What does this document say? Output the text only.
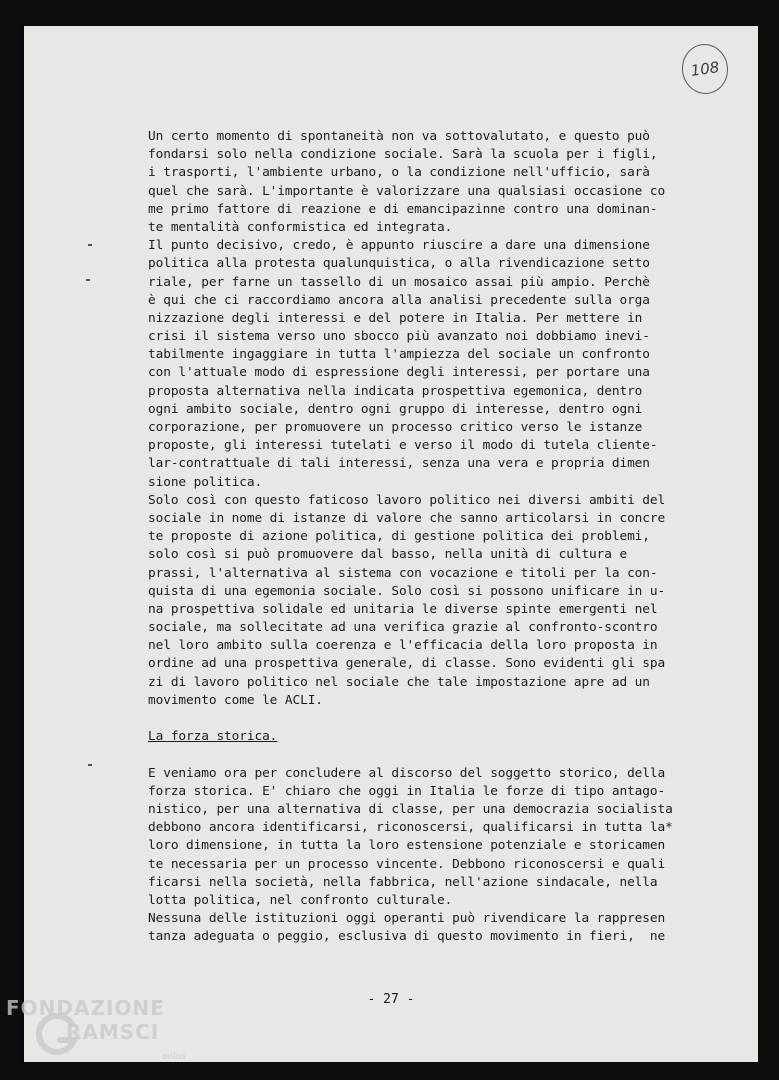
108
Un certo momento di spontaneità non va sottovalutato, e questo può
fondarsi solo nella condizione sociale. Sarà la scuola per i figli,
i trasporti, l'ambiente urbano, o la condizione nell'ufficio, sarà
quel che sarà. L'importante è valorizzare una qualsiasi occasione co
me primo fattore di reazione e di emancipazinne contro una dominan-
te mentalità conformistica ed integrata.
Il punto decisivo, credo, è appunto riuscire a dare una dimensione
politica alla protesta qualunquistica, o alla rivendicazione setto
riale, per farne un tassello di un mosaico assai più ampio. Perchè
è qui che ci raccordiamo ancora alla analisi precedente sulla orga
nizzazione degli interessi e del potere in Italia. Per mettere in
crisi il sistema verso uno sbocco più avanzato noi dobbiamo inevi-
tabilmente ingaggiare in tutta l'ampiezza del sociale un confronto
con l'attuale modo di espressione degli interessi, per portare una
proposta alternativa nella indicata prospettiva egemonica, dentro
ogni ambito sociale, dentro ogni gruppo di interesse, dentro ogni
corporazione, per promuovere un processo critico verso le istanze
proposte, gli interessi tutelati e verso il modo di tutela cliente-
lar-contrattuale di tali interessi, senza una vera e propria dimen
sione politica.
Solo così con questo faticoso lavoro politico nei diversi ambiti del
sociale in nome di istanze di valore che sanno articolarsi in concre
te proposte di azione politica, di gestione politica dei problemi,
solo così si può promuovere dal basso, nella unità di cultura e
prassi, l'alternativa al sistema con vocazione e titoli per la con-
quista di una egemonia sociale. Solo così si possono unificare in u-
na prospettiva solidale ed unitaria le diverse spinte emergenti nel
sociale, ma sollecitate ad una verifica grazie al confronto-scontro
nel loro ambito sulla coerenza e l'efficacia della loro proposta in
ordine ad una prospettiva generale, di classe. Sono evidenti gli spa
zi di lavoro politico nel sociale che tale impostazione apre ad un
movimento come le ACLI.
La forza storica.
E veniamo ora per concludere al discorso del soggetto storico, della
forza storica. E' chiaro che oggi in Italia le forze di tipo antago-
nistico, per una alternativa di classe, per una democrazia socialista
debbono ancora identificarsi, riconoscersi, qualificarsi in tutta la*
loro dimensione, in tutta la loro estensione potenziale e storicamen
te necessaria per un processo vincente. Debbono riconoscersi e quali
ficarsi nella società, nella fabbrica, nell'azione sindacale, nella
lotta politica, nel confronto culturale.
Nessuna delle istituzioni oggi operanti può rivendicare la rappresen
tanza adeguata o peggio, esclusiva di questo movimento in fieri,  ne
- 27 -
FONDAZIONE
RAMSCI
onlus
